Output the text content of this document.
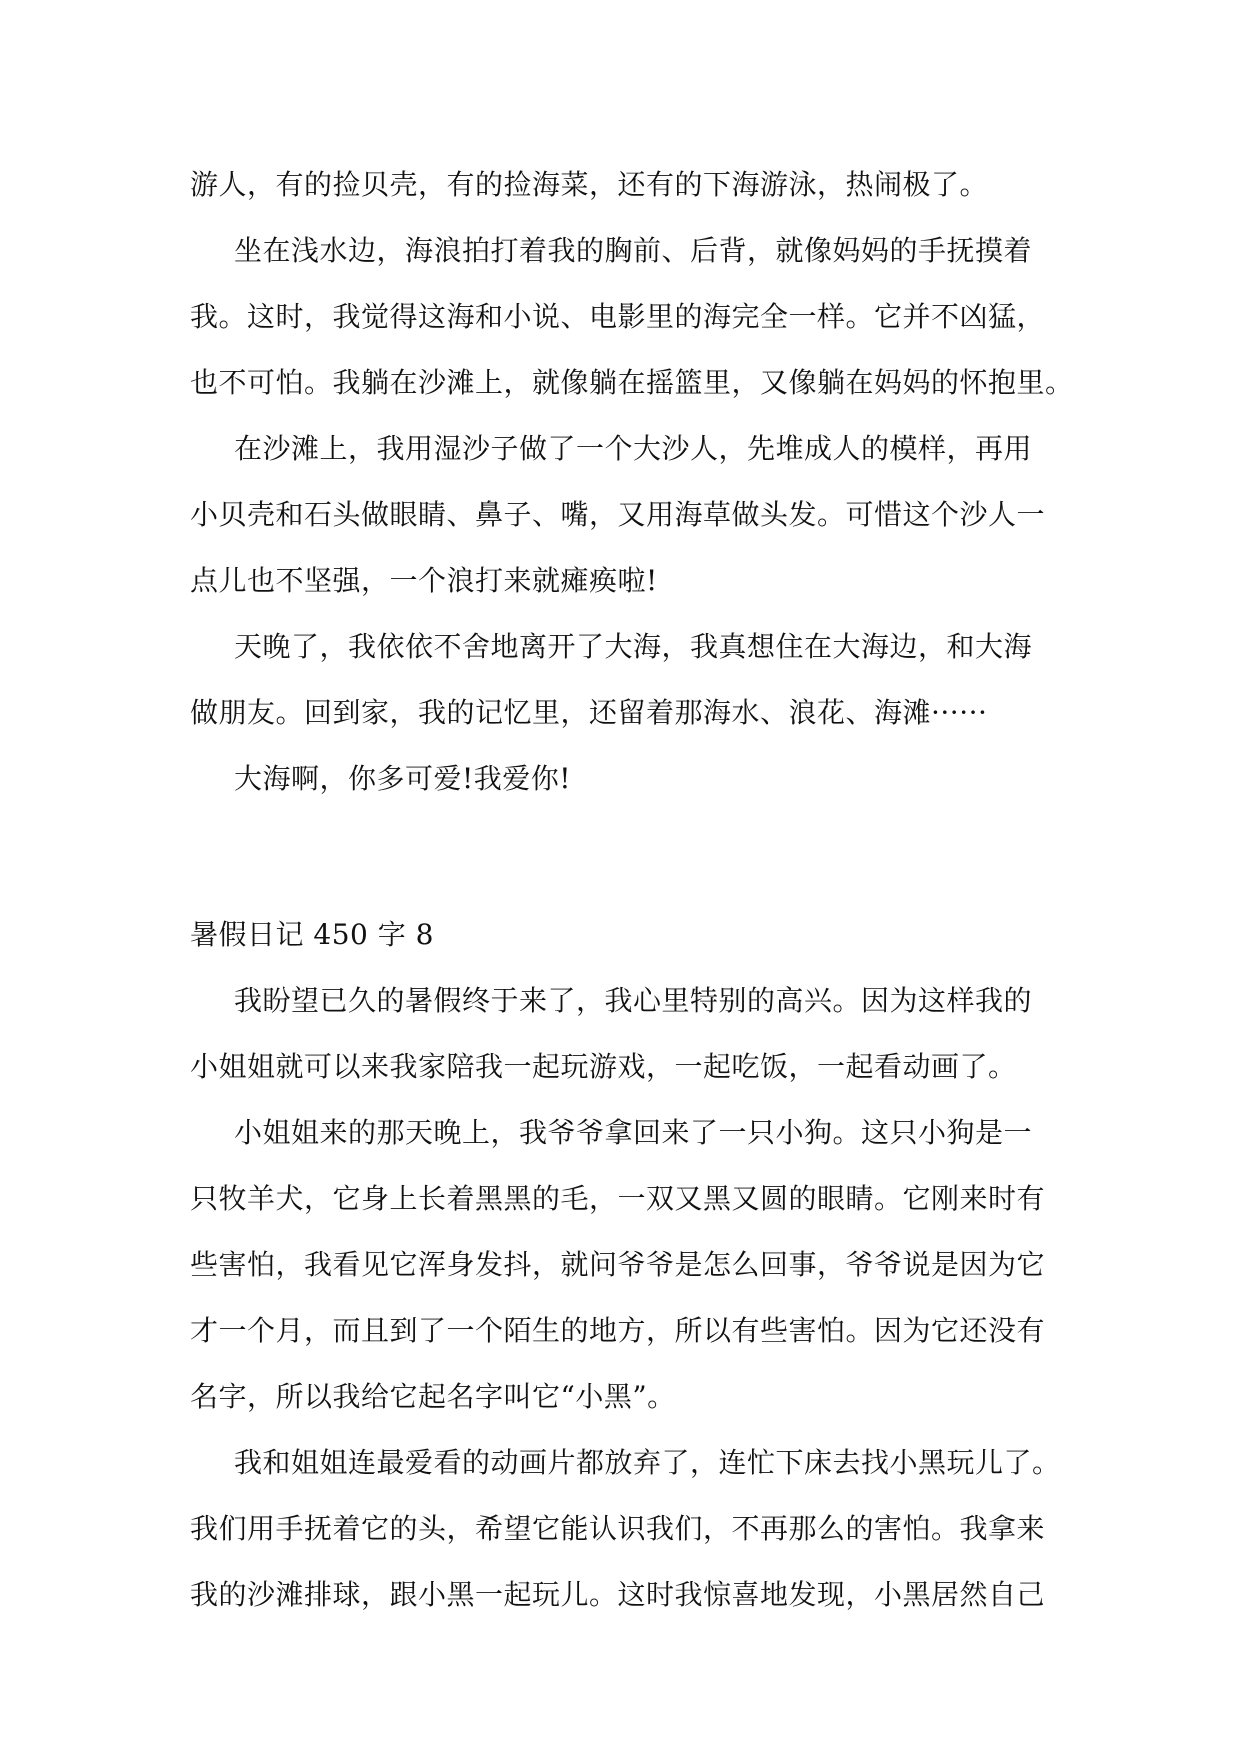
游人，有的捡贝壳，有的捡海菜，还有的下海游泳，热闹极了。

坐在浅水边，海浪拍打着我的胸前、后背，就像妈妈的手抚摸着

我。这时，我觉得这海和小说、电影里的海完全一样。它并不凶猛，

也不可怕。我躺在沙滩上，就像躺在摇篮里，又像躺在妈妈的怀抱里。

在沙滩上，我用湿沙子做了一个大沙人，先堆成人的模样，再用

小贝壳和石头做眼睛、鼻子、嘴，又用海草做头发。可惜这个沙人一

点儿也不坚强，一个浪打来就瘫痪啦!

天晚了，我依依不舍地离开了大海，我真想住在大海边，和大海

做朋友。回到家，我的记忆里，还留着那海水、浪花、海滩······

大海啊，你多可爱!我爱你!

暑假日记 450 字 8

我盼望已久的暑假终于来了，我心里特别的高兴。因为这样我的

小姐姐就可以来我家陪我一起玩游戏，一起吃饭，一起看动画了。

小姐姐来的那天晚上，我爷爷拿回来了一只小狗。这只小狗是一

只牧羊犬，它身上长着黑黑的毛，一双又黑又圆的眼睛。它刚来时有

些害怕，我看见它浑身发抖，就问爷爷是怎么回事，爷爷说是因为它

才一个月，而且到了一个陌生的地方，所以有些害怕。因为它还没有

名字，所以我给它起名字叫它“小黑”。

我和姐姐连最爱看的动画片都放弃了，连忙下床去找小黑玩儿了。

我们用手抚着它的头，希望它能认识我们，不再那么的害怕。我拿来

我的沙滩排球，跟小黑一起玩儿。这时我惊喜地发现，小黑居然自己
